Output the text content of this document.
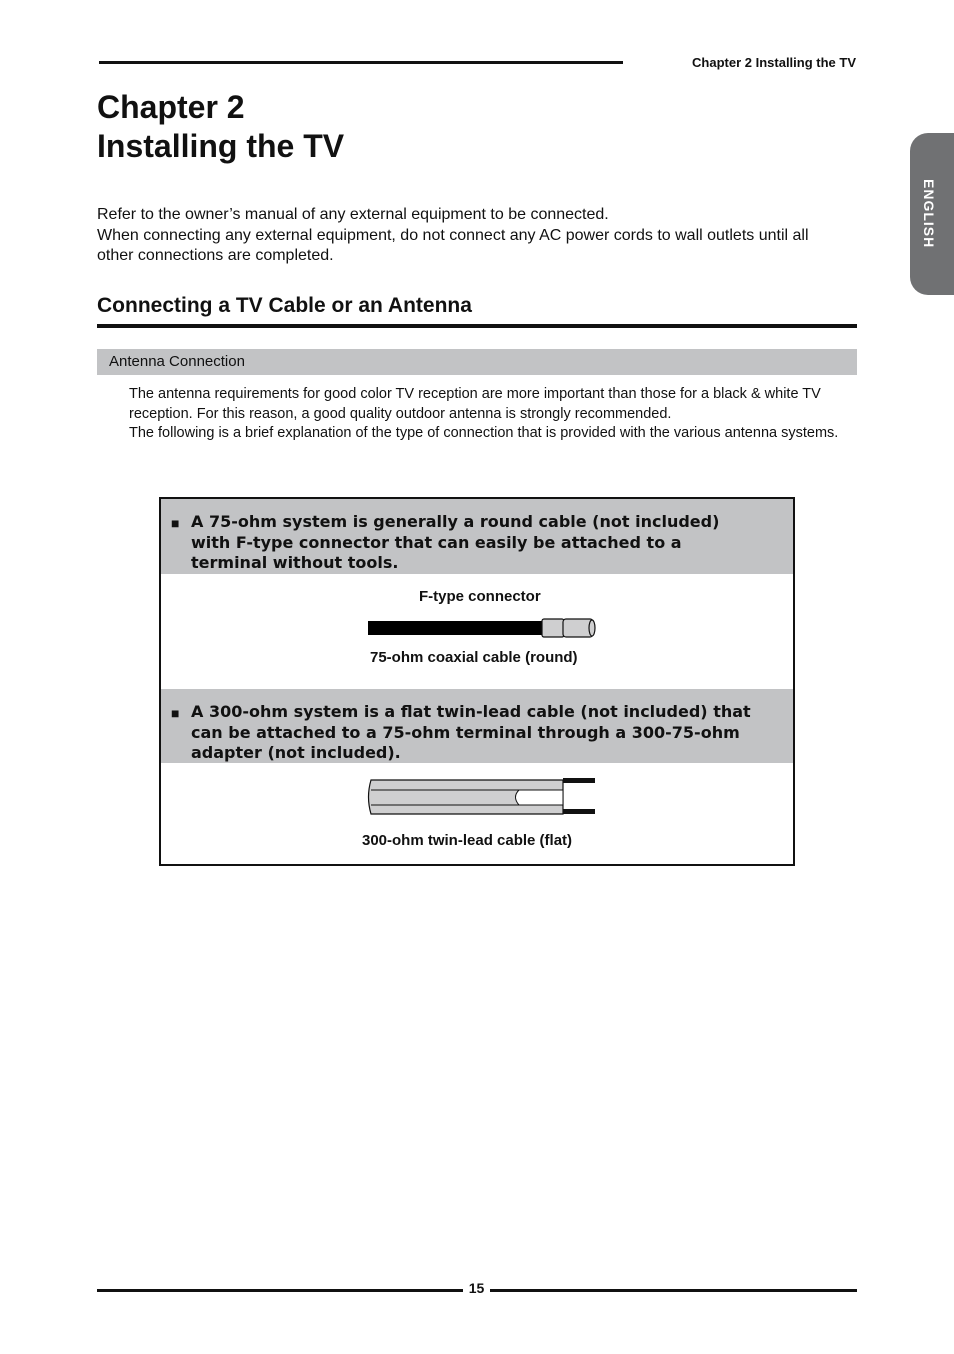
Chapter 2 Installing the TV
ENGLISH
Chapter 2
Installing the TV

Refer to the owner’s manual of any external equipment to be connected.

When connecting any external equipment, do not connect any AC power cords to wall outlets until all other connections are completed.

Connecting a TV Cable or an Antenna
Antenna Connection

The antenna requirements for good color TV reception are more important than those for a black & white TV reception. For this reason, a good quality outdoor antenna is strongly recommended.

The following is a brief explanation of the type of connection that is provided with the various antenna systems.

■ A 75-ohm system is generally a round cable (not included) with F-type connector that can easily be attached to a terminal without tools.
F-type connector
75-ohm coaxial cable (round)
■ A 300-ohm system is a flat twin-lead cable (not included) that can be attached to a 75-ohm terminal through a 300-75-ohm adapter (not included).
300-ohm twin-lead cable (flat)
15
